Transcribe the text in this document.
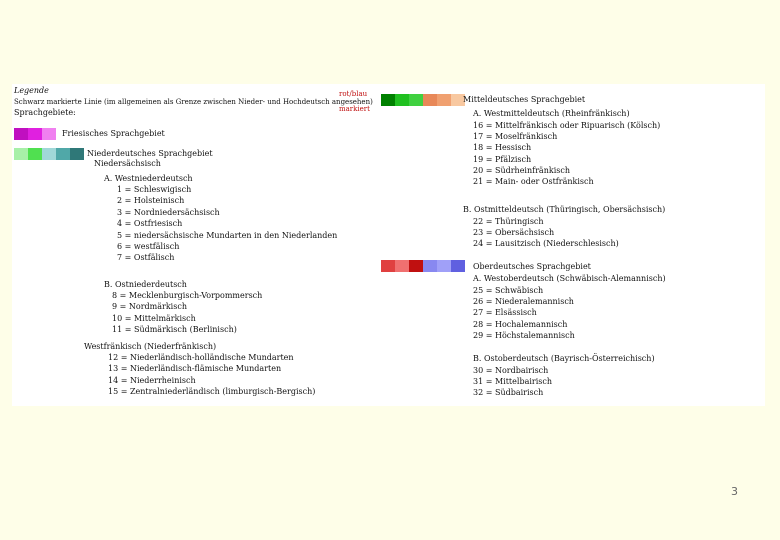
Legende
Schwarz markierte Linie (im allgemeinen als Grenze zwischen Nieder- und Hochdeutsch angesehen)
Sprachgebiete:
rot/blau
markiert
Friesisches Sprachgebiet
Niederdeutsches Sprachgebiet
Niedersächsisch
A. Westniederdeutsch
1 = Schleswigisch
2 = Holsteinisch
3 = Nordniedersächsisch
4 = Ostfriesisch
5 = niedersächsische Mundarten in den Niederlanden
6 = westfälisch
7 = Ostfälisch
B. Ostniederdeutsch
8 = Mecklenburgisch-Vorpommersch
9 = Nordmärkisch
10 = Mittelmärkisch
11 = Südmärkisch (Berlinisch)
Westfränkisch (Niederfränkisch)
12 = Niederländisch-holländische Mundarten
13 = Niederländisch-flämische Mundarten
14 = Niederrheinisch
15 = Zentralniederländisch (limburgisch-Bergisch)
Mitteldeutsches Sprachgebiet
A. Westmitteldeutsch (Rheinfränkisch)
16 = Mittelfränkisch oder Ripuarisch (Kölsch)
17 = Moselfränkisch
18 = Hessisch
19 = Pfälzisch
20 = Südrheinfränkisch
21 = Main- oder Ostfränkisch
B. Ostmitteldeutsch (Thüringisch, Obersächsisch)
22 = Thüringisch
23 = Obersächsisch
24 = Lausitzisch (Niederschlesisch)
Oberdeutsches Sprachgebiet
A. Westoberdeutsch (Schwäbisch-Alemannisch)
25 = Schwäbisch
26 = Niederalemannisch
27 = Elsässisch
28 = Hochalemannisch
29 = Höchstalemannisch
B. Ostoberdeutsch (Bayrisch-Österreichisch)
30 = Nordbairisch
31 = Mittelbairisch
32 = Südbairisch
3
